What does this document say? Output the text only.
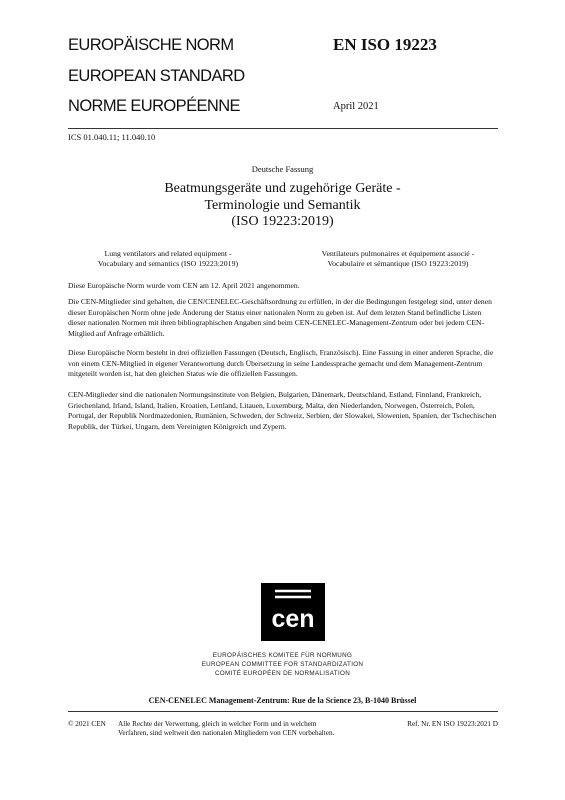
EUROPÄISCHE NORM
EUROPEAN STANDARD
NORME EUROPÉENNE
EN ISO 19223
April 2021
ICS 01.040.11; 11.040.10
Deutsche Fassung
Beatmungsgeräte und zugehörige Geräte -
Terminologie und Semantik
(ISO 19223:2019)
Lung ventilators and related equipment -
Vocabulary and semantics (ISO 19223:2019)
Ventilateurs pulmonaires et équipement associé -
Vocabulaire et sémantique (ISO 19223:2019)
Diese Europäische Norm wurde vom CEN am 12. April 2021 angenommen.
Die CEN-Mitglieder sind gehalten, die CEN/CENELEC-Geschäftsordnung zu erfüllen, in der die Bedingungen festgelegt sind, unter denen dieser Europäischen Norm ohne jede Änderung der Status einer nationalen Norm zu geben ist. Auf dem letzten Stand befindliche Listen dieser nationalen Normen mit ihren bibliographischen Angaben sind beim CEN-CENELEC-Management-Zentrum oder bei jedem CEN-Mitglied auf Anfrage erhältlich.
Diese Europäische Norm besteht in drei offiziellen Fassungen (Deutsch, Englisch, Französisch). Eine Fassung in einer anderen Sprache, die von einem CEN-Mitglied in eigener Verantwortung durch Übersetzung in seine Landessprache gemacht und dem Management-Zentrum mitgeteilt worden ist, hat den gleichen Status wie die offiziellen Fassungen.
CEN-Mitglieder sind die nationalen Normungsinstitute von Belgien, Bulgarien, Dänemark, Deutschland, Estland, Finnland, Frankreich, Griechenland, Irland, Island, Italien, Kroatien, Lettland, Litauen, Luxemburg, Malta, den Niederlanden, Norwegen, Österreich, Polen, Portugal, der Republik Nordmazedonien, Rumänien, Schweden, der Schweiz, Serbien, der Slowakei, Slowenien, Spanien, der Tschechischen Republik, der Türkei, Ungarn, dem Vereinigten Königreich und Zypern.
cen
EUROPÄISCHES KOMITEE FÜR NORMUNG
EUROPEAN COMMITTEE FOR STANDARDIZATION
COMITÉ EUROPÉEN DE NORMALISATION
CEN-CENELEC Management-Zentrum: Rue de la Science 23, B-1040 Brüssel
© 2021 CEN Alle Rechte der Verwertung, gleich in welcher Form und in welchem Verfahren, sind weltweit den nationalen Mitgliedern von CEN vorbehalten.
Ref. Nr. EN ISO 19223:2021 D
